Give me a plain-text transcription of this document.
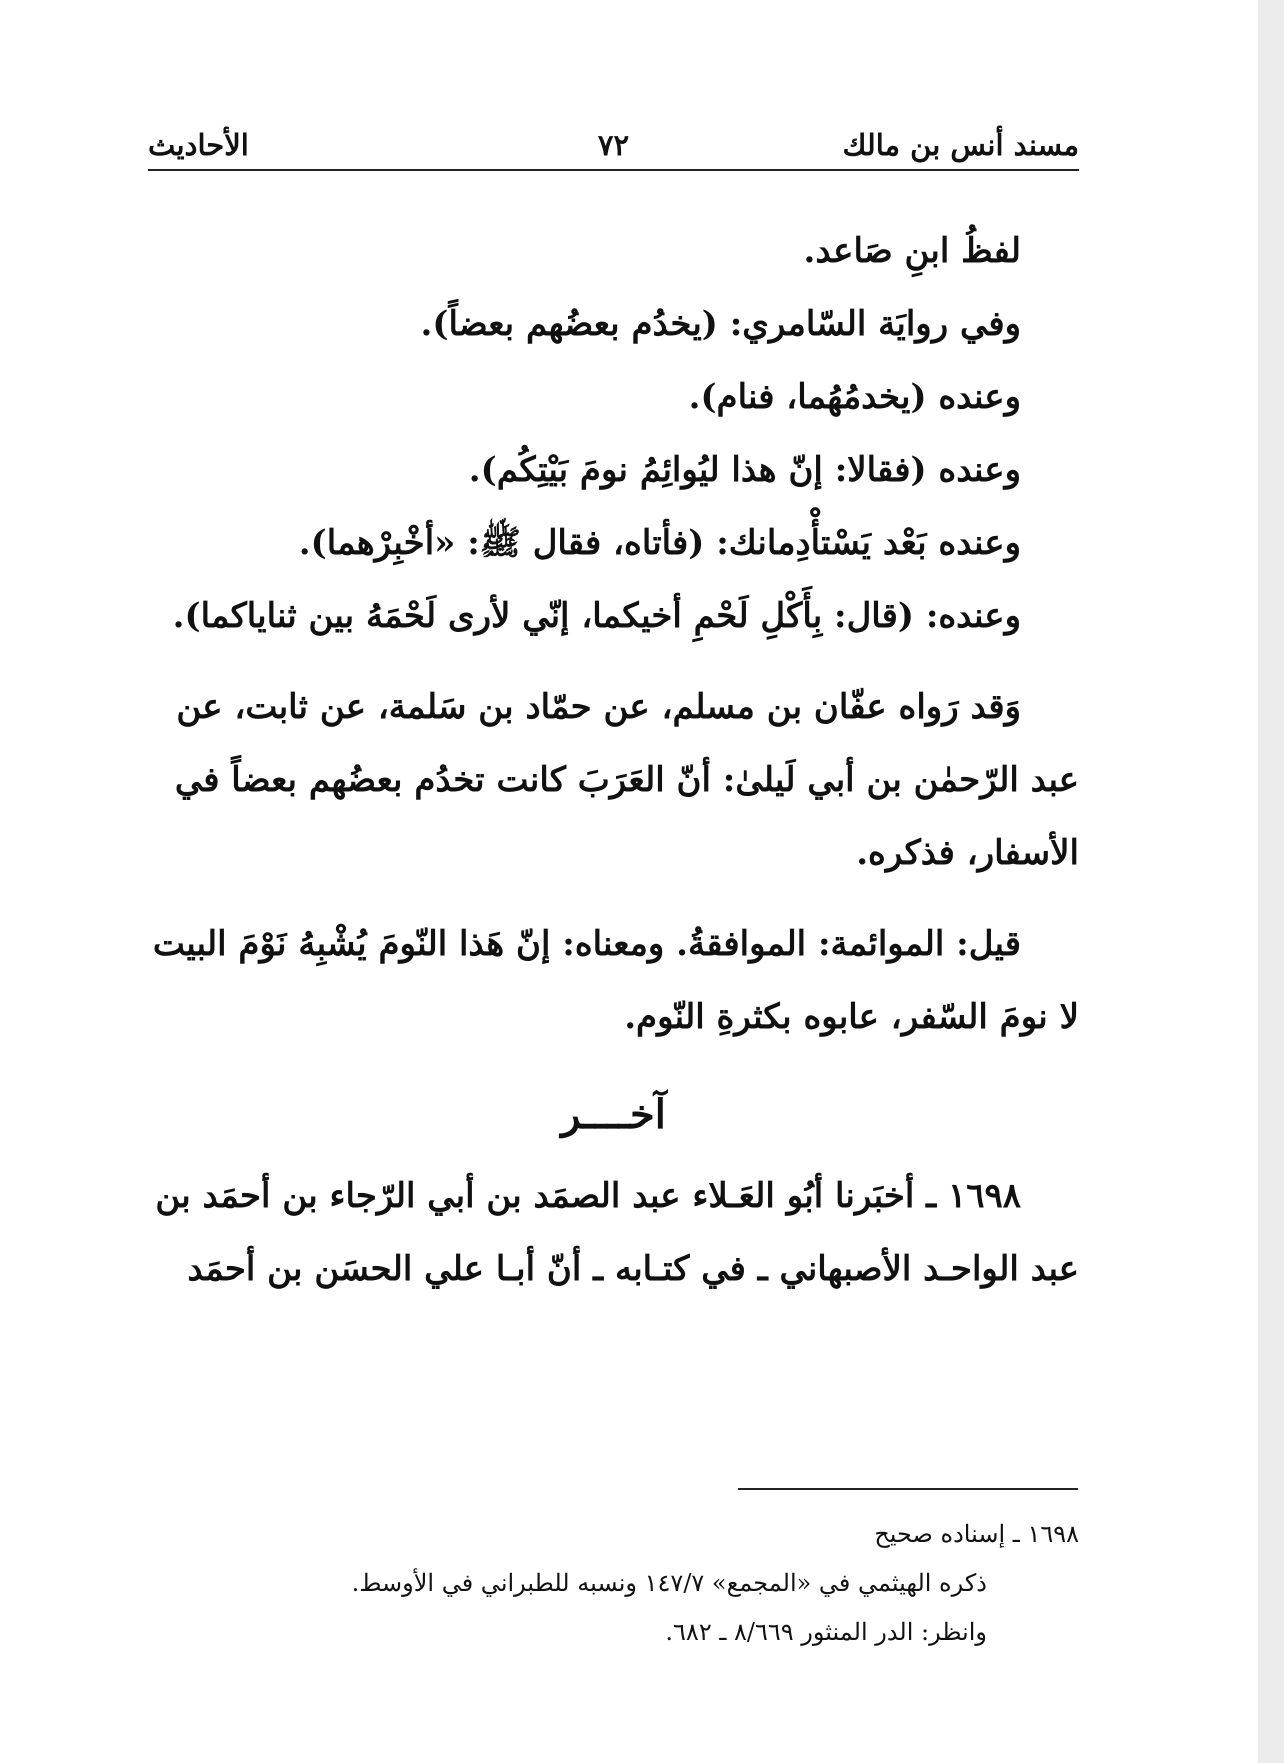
مسند أنس بن مالك
٧٢
الأحاديث

لفظُ ابنِ صَاعد.

وفي روايَة السّامري: (يخدُم بعضُهم بعضاً).

وعنده (يخدمُهُما، فنام).

وعنده (فقالا: إنّ هذا ليُوائِمُ نومَ بَيْتِكُم).

وعنده بَعْد يَسْتأْدِمانك: (فأتاه، فقال ﷺ: «أخْبِرْهما).

وعنده: (قال: بِأَكْلِ لَحْمِ أخيكما، إنّي لأرى لَحْمَهُ بين ثناياكما).

وَقد رَواه عفّان بن مسلم، عن حمّاد بن سَلمة، عن ثابت، عن عبد الرّحمٰن بن أبي لَيلىٰ: أنّ العَرَبَ كانت تخدُم بعضُهم بعضاً في الأسفار، فذكره.

قيل: الموائمة: الموافقةُ. ومعناه: إنّ هَذا النّومَ يُشْبِهُ نَوْمَ البيت لا نومَ السّفر، عابوه بكثرةِ النّوم.

آخــــر

١٦٩٨ ـ أخبَرنا أبُو العَـلاء عبد الصمَد بن أبي الرّجاء بن أحمَد بن عبد الواحـد الأصبهاني ـ في كتـابه ـ أنّ أبـا علي الحسَن بن أحمَد

١٦٩٨ ـ إسناده صحيح
ذكره الهيثمي في «المجمع» ١٤٧/٧ ونسبه للطبراني في الأوسط.
وانظر: الدر المنثور ٨/٦٦٩ ـ ٦٨٢.
